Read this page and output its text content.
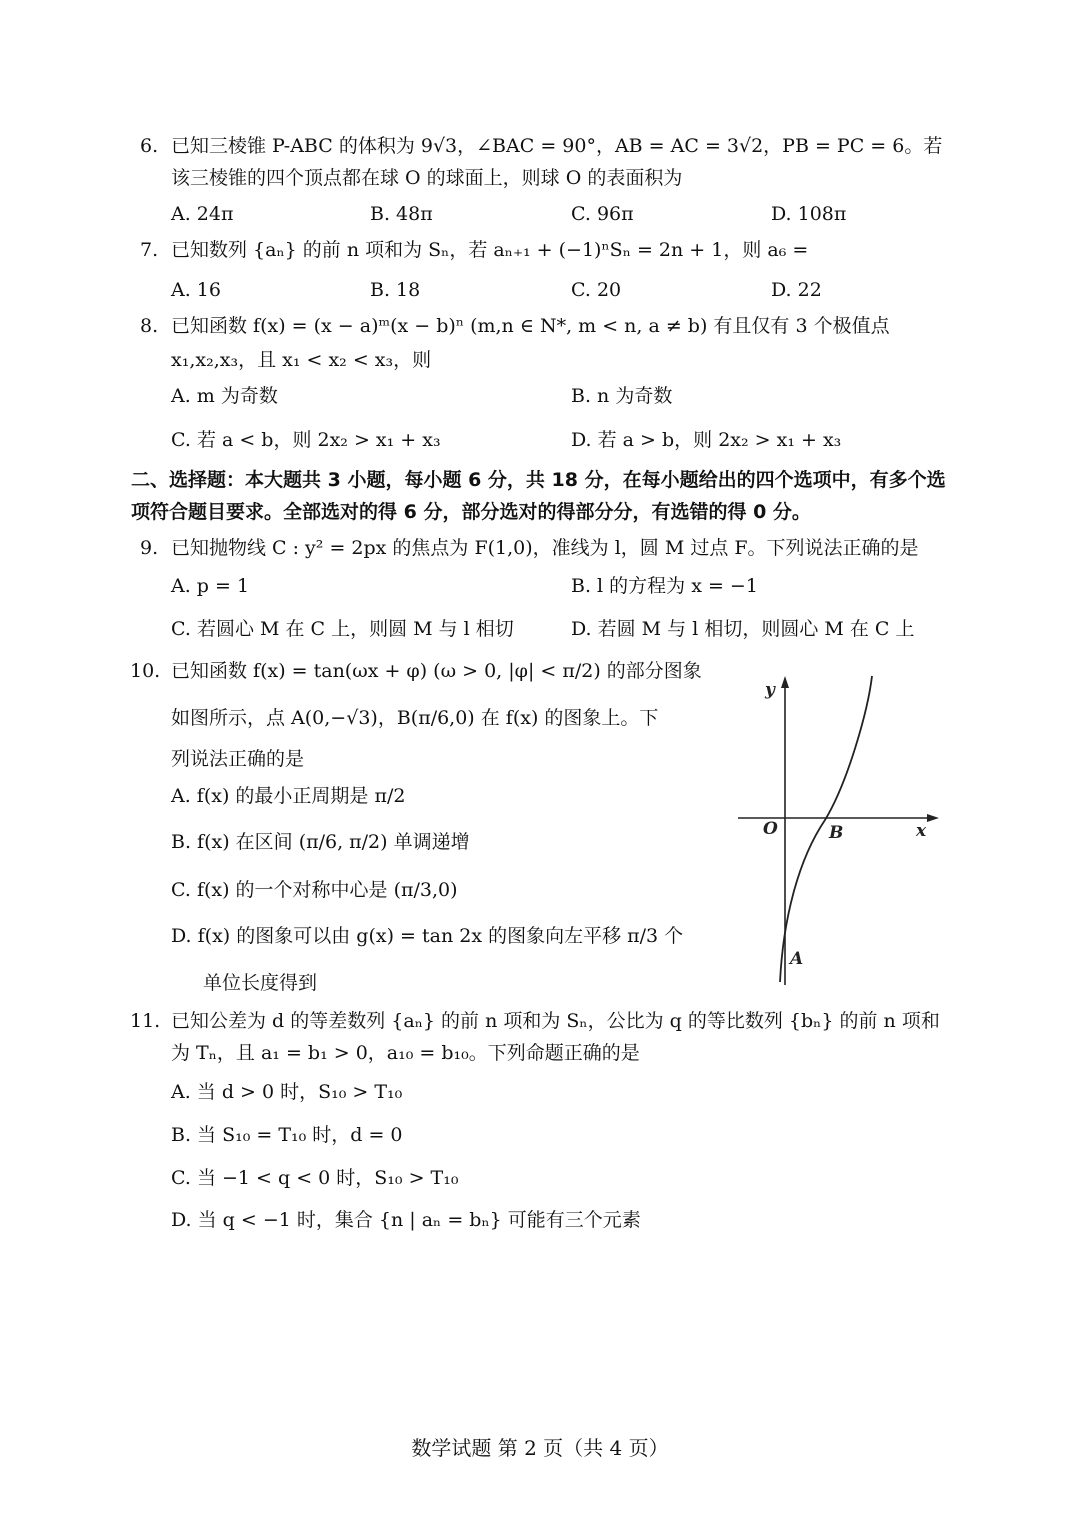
6. 已知三棱锥 P-ABC 的体积为 9√3，∠BAC = 90°，AB = AC = 3√2，PB = PC = 6。若
该三棱锥的四个顶点都在球 O 的球面上，则球 O 的表面积为
A. 24π	B. 48π	C. 96π	D. 108π
7. 已知数列 {aₙ} 的前 n 项和为 Sₙ，若 aₙ₊₁ + (−1)ⁿSₙ = 2n + 1，则 a₆ =
A. 16	B. 18	C. 20	D. 22
8. 已知函数 f(x) = (x − a)ᵐ(x − b)ⁿ (m,n ∈ N*, m < n, a ≠ b) 有且仅有 3 个极值点
x₁,x₂,x₃，且 x₁ < x₂ < x₃，则
A. m 为奇数	B. n 为奇数
C. 若 a < b，则 2x₂ > x₁ + x₃	D. 若 a > b，则 2x₂ > x₁ + x₃
二、选择题：本大题共 3 小题，每小题 6 分，共 18 分，在每小题给出的四个选项中，有多个选
项符合题目要求。全部选对的得 6 分，部分选对的得部分分，有选错的得 0 分。
9. 已知抛物线 C : y² = 2px 的焦点为 F(1,0)，准线为 l，圆 M 过点 F。下列说法正确的是
A. p = 1	B. l 的方程为 x = −1
C. 若圆心 M 在 C 上，则圆 M 与 l 相切	D. 若圆 M 与 l 相切，则圆心 M 在 C 上
10. 已知函数 f(x) = tan(ωx + φ) (ω > 0, |φ| < π/2) 的部分图象
如图所示，点 A(0,−√3)，B(π/6,0) 在 f(x) 的图象上。下
列说法正确的是
A. f(x) 的最小正周期是 π/2
B. f(x) 在区间 (π/6, π/2) 单调递增
C. f(x) 的一个对称中心是 (π/3,0)
D. f(x) 的图象可以由 g(x) = tan 2x 的图象向左平移 π/3 个
单位长度得到
y
x
O	B
A
11. 已知公差为 d 的等差数列 {aₙ} 的前 n 项和为 Sₙ，公比为 q 的等比数列 {bₙ} 的前 n 项和
为 Tₙ，且 a₁ = b₁ > 0，a₁₀ = b₁₀。下列命题正确的是
A. 当 d > 0 时，S₁₀ > T₁₀
B. 当 S₁₀ = T₁₀ 时，d = 0
C. 当 −1 < q < 0 时，S₁₀ > T₁₀
D. 当 q < −1 时，集合 {n | aₙ = bₙ} 可能有三个元素
数学试题 第 2 页（共 4 页）
